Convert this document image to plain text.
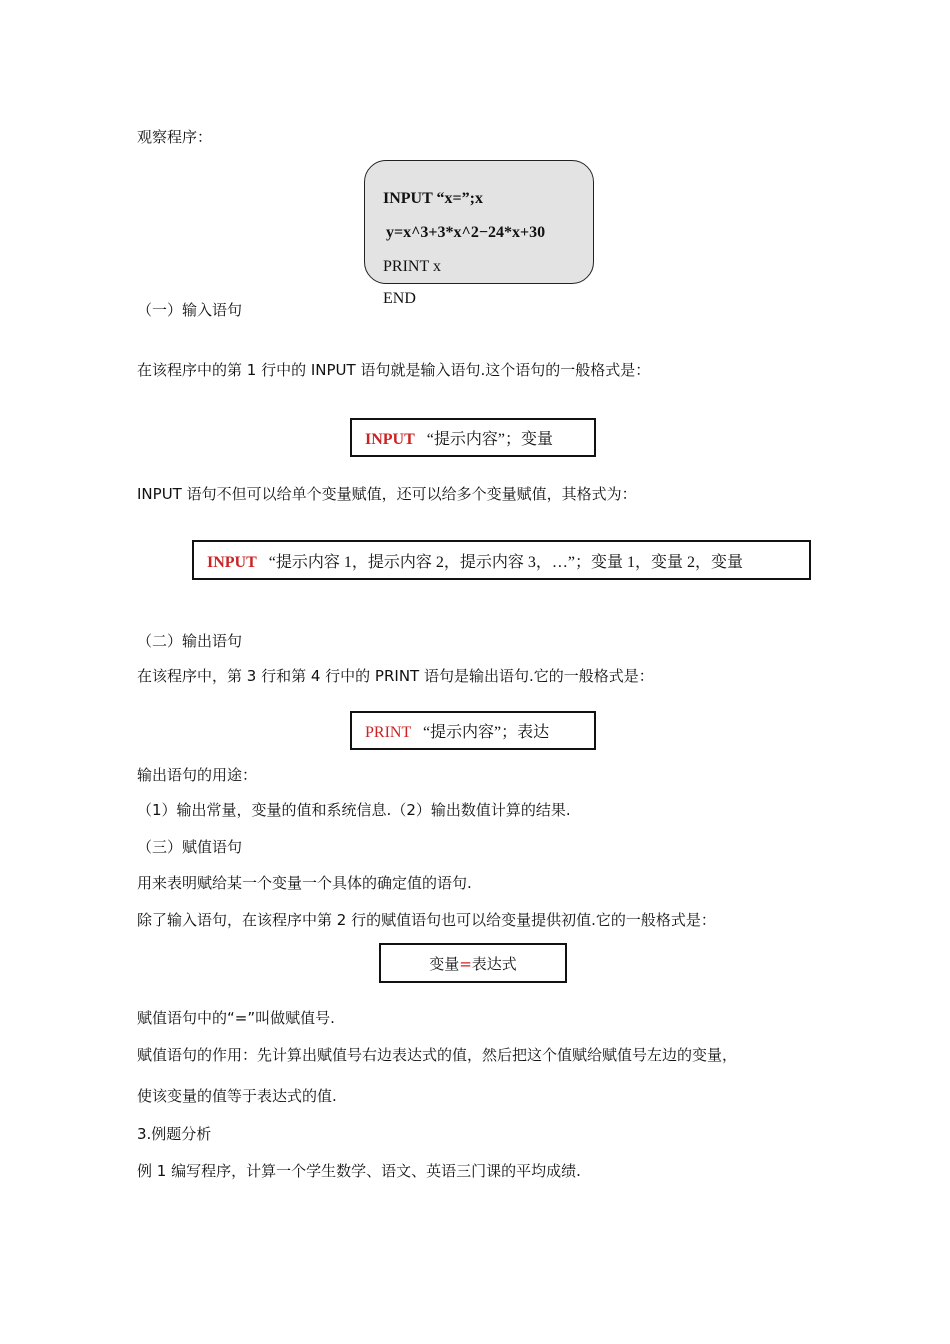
观察程序：
INPUT “x=”;x
y=x^3+3*x^2−24*x+30
PRINT x
END
（一）输入语句
在该程序中的第 1 行中的 INPUT 语句就是输入语句.这个语句的一般格式是：
INPUT “提示内容”；变量
INPUT 语句不但可以给单个变量赋值，还可以给多个变量赋值，其格式为：
INPUT “提示内容 1，提示内容 2，提示内容 3，…”；变量 1，变量 2，变量
（二）输出语句
在该程序中，第 3 行和第 4 行中的 PRINT 语句是输出语句.它的一般格式是：
PRINT “提示内容”；表达
输出语句的用途：
（1）输出常量，变量的值和系统信息.（2）输出数值计算的结果.
（三）赋值语句
用来表明赋给某一个变量一个具体的确定值的语句.
除了输入语句，在该程序中第 2 行的赋值语句也可以给变量提供初值.它的一般格式是：
变量=表达式
赋值语句中的“=”叫做赋值号.
赋值语句的作用：先计算出赋值号右边表达式的值，然后把这个值赋给赋值号左边的变量，
使该变量的值等于表达式的值.
3.例题分析
例 1 编写程序，计算一个学生数学、语文、英语三门课的平均成绩.
